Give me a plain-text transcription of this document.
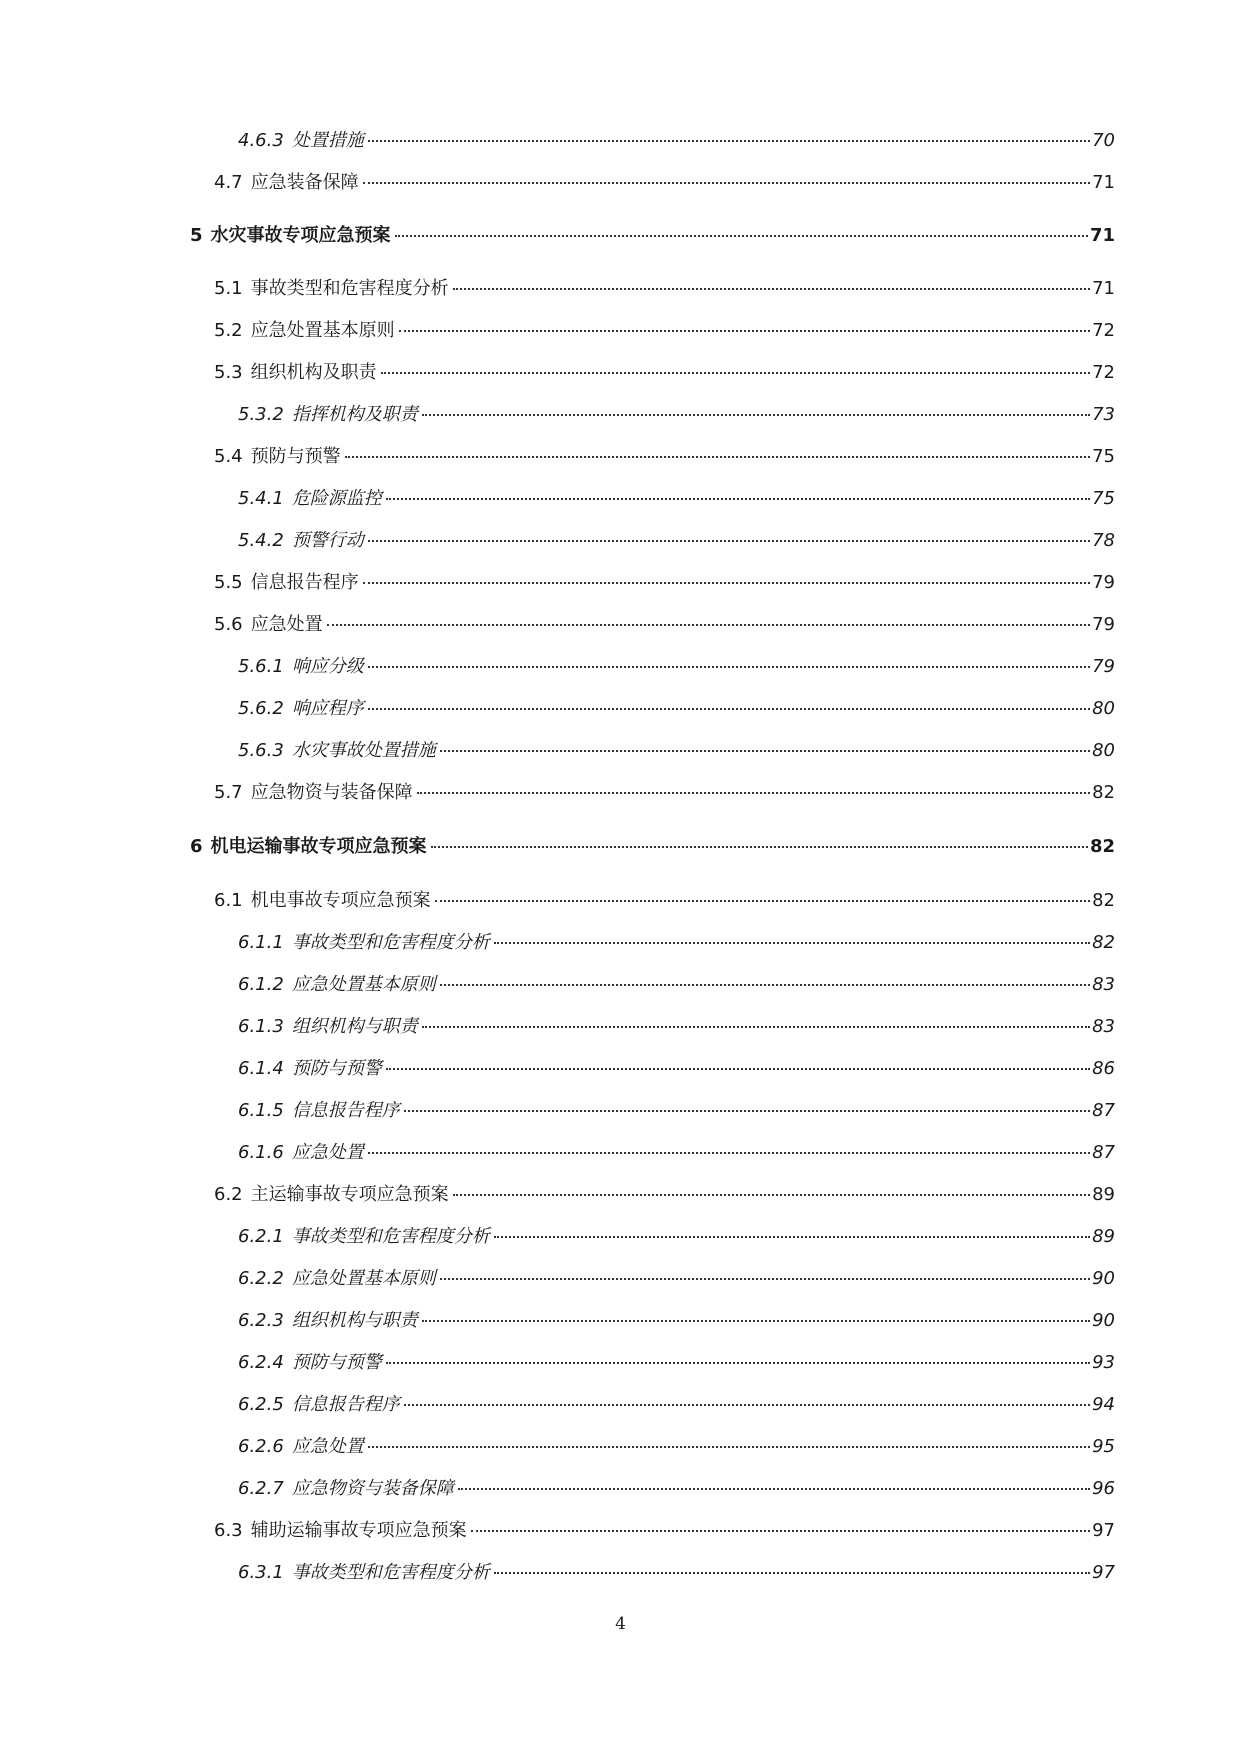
4.6.3 处置措施	70
4.7 应急装备保障	71
5 水灾事故专项应急预案	71
5.1 事故类型和危害程度分析	71
5.2 应急处置基本原则	72
5.3 组织机构及职责	72
5.3.2 指挥机构及职责	73
5.4 预防与预警	75
5.4.1 危险源监控	75
5.4.2 预警行动	78
5.5 信息报告程序	79
5.6 应急处置	79
5.6.1 响应分级	79
5.6.2 响应程序	80
5.6.3 水灾事故处置措施	80
5.7 应急物资与装备保障	82
6 机电运输事故专项应急预案	82
6.1 机电事故专项应急预案	82
6.1.1 事故类型和危害程度分析	82
6.1.2 应急处置基本原则	83
6.1.3 组织机构与职责	83
6.1.4 预防与预警	86
6.1.5 信息报告程序	87
6.1.6 应急处置	87
6.2 主运输事故专项应急预案	89
6.2.1 事故类型和危害程度分析	89
6.2.2 应急处置基本原则	90
6.2.3 组织机构与职责	90
6.2.4 预防与预警	93
6.2.5 信息报告程序	94
6.2.6 应急处置	95
6.2.7 应急物资与装备保障	96
6.3 辅助运输事故专项应急预案	97
6.3.1 事故类型和危害程度分析	97
4
